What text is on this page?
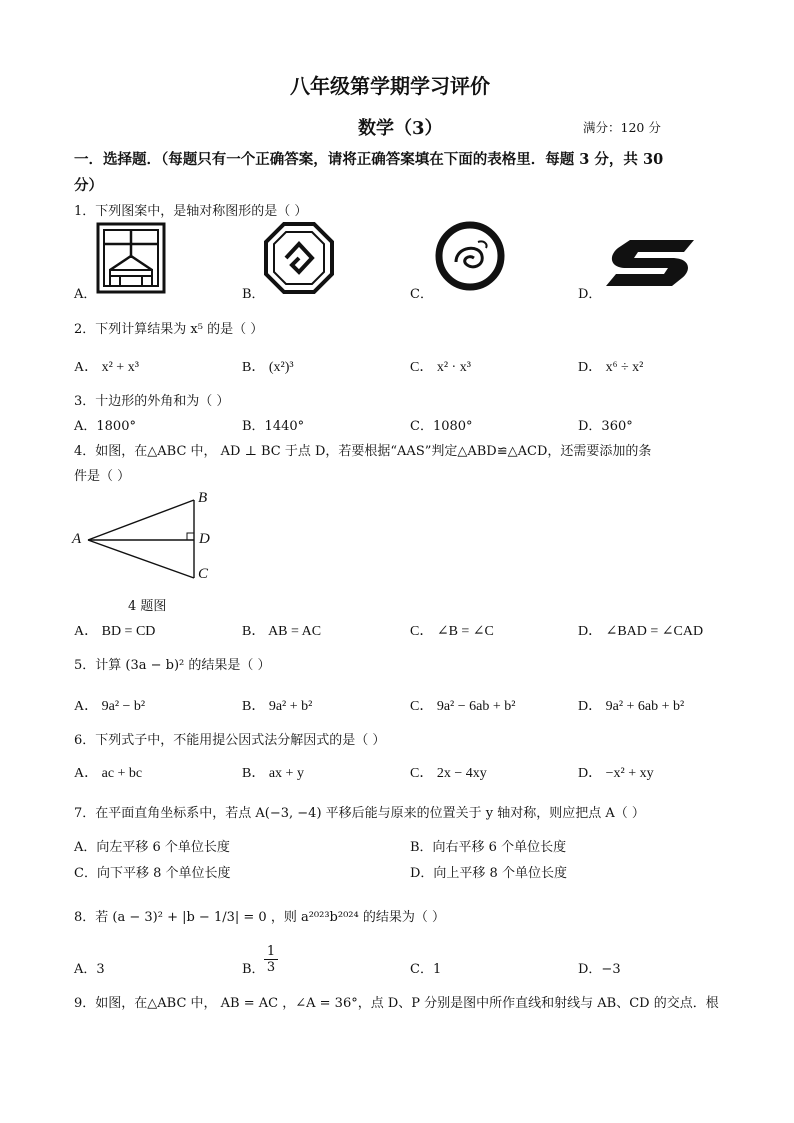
八年级第学期学习评价
数学（3）	满分：120 分
一．选择题．（每题只有一个正确答案，请将正确答案填在下面的表格里．每题 3 分，共 30
分）
1．下列图案中，是轴对称图形的是（ ）
A．	B．	C．	D．
2．下列计算结果为 x⁵ 的是（ ）
A． x² + x³	B． (x²)³	C． x² · x³	D． x⁶ ÷ x²
3．十边形的外角和为（ ）
A．1800°	B．1440°	C．1080°	D．360°
4．如图，在△ABC 中， AD ⊥ BC 于点 D，若要根据“AAS”判定△ABD≌△ACD，还需要添加的条
件是（ ）
A
B
C
D
4 题图
A． BD = CD	B． AB = AC	C． ∠B = ∠C	D． ∠BAD = ∠CAD
5．计算 (3a − b)² 的结果是（ ）
A． 9a² − b²	B． 9a² + b²	C． 9a² − 6ab + b²	D． 9a² + 6ab + b²
6．下列式子中，不能用提公因式法分解因式的是（ ）
A． ac + bc	B． ax + y	C． 2x − 4xy	D． −x² + xy
7．在平面直角坐标系中，若点 A(−3, −4) 平移后能与原来的位置关于 y 轴对称，则应把点 A（ ）
A．向左平移 6 个单位长度	B．向右平移 6 个单位长度
C．向下平移 8 个单位长度	D．向上平移 8 个单位长度
8．若 (a − 3)² + |b − 1/3| = 0 ，则 a²⁰²³b²⁰²⁴ 的结果为（ ）
A．3	B． $\frac{1}{3}$	C．1	D．−3
9．如图，在△ABC 中， AB = AC ，∠A = 36°，点 D、P 分别是图中所作直线和射线与 AB、CD 的交点．根
